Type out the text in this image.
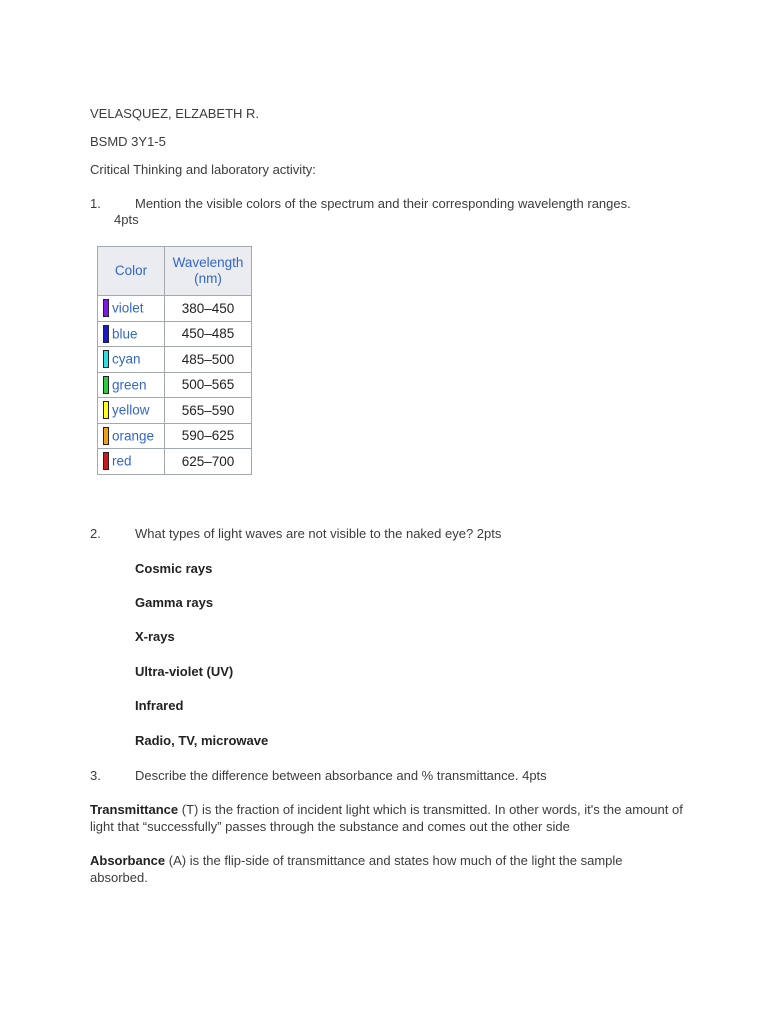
VELASQUEZ, ELZABETH R.
BSMD 3Y1-5
Critical Thinking and laboratory activity:
1.	Mention the visible colors of the spectrum and their corresponding wavelength ranges.
4pts
Color	Wavelength
(nm)
violet	380–450
blue	450–485
cyan	485–500
green	500–565
yellow	565–590
orange	590–625
red	625–700
2.	What types of light waves are not visible to the naked eye? 2pts
Cosmic rays
Gamma rays
X-rays
Ultra-violet (UV)
Infrared
Radio, TV, microwave
3.	Describe the difference between absorbance and % transmittance. 4pts
Transmittance (T) is the fraction of incident light which is transmitted. In other words, it's the amount of light that “successfully” passes through the substance and comes out the other side
Absorbance (A) is the flip-side of transmittance and states how much of the light the sample absorbed.
